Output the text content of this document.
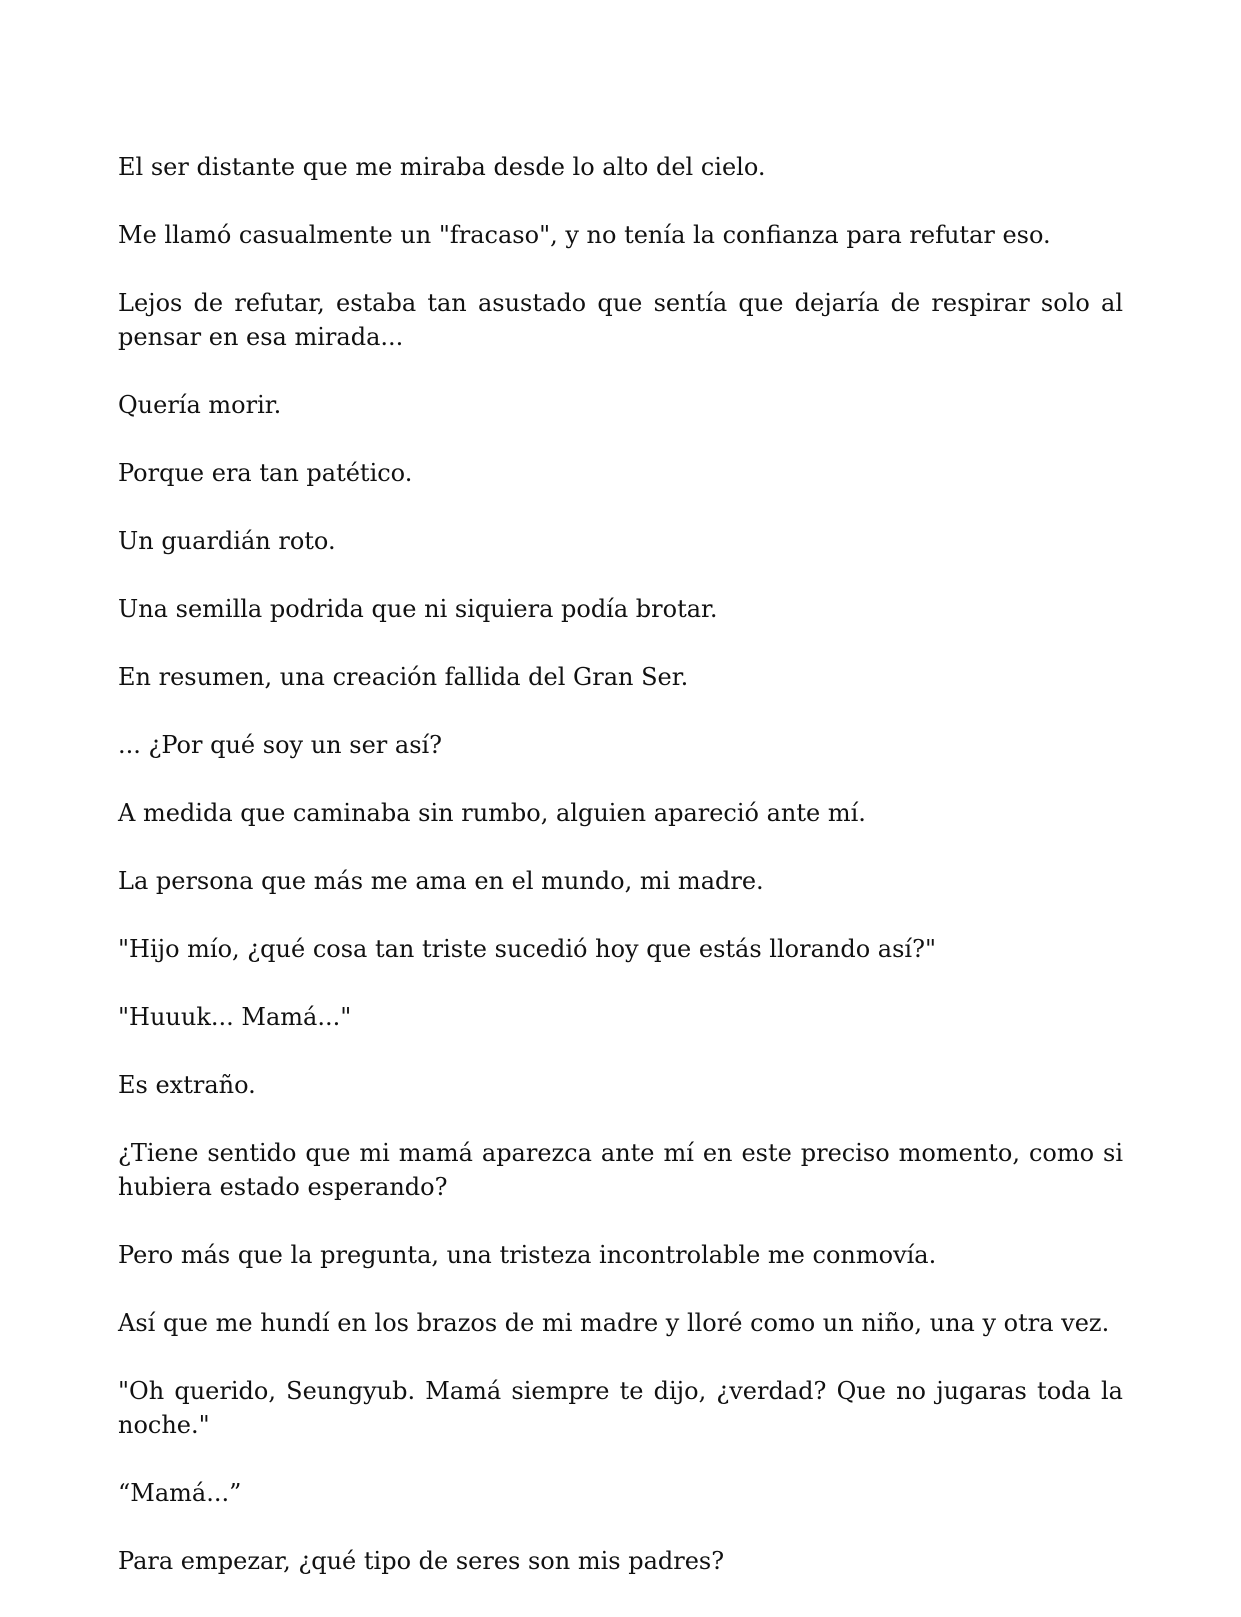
El ser distante que me miraba desde lo alto del cielo.

Me llamó casualmente un "fracaso", y no tenía la confianza para refutar eso.

Lejos de refutar, estaba tan asustado que sentía que dejaría de respirar solo al pensar en esa mirada...

Quería morir.

Porque era tan patético.

Un guardián roto.

Una semilla podrida que ni siquiera podía brotar.

En resumen, una creación fallida del Gran Ser.

... ¿Por qué soy un ser así?

A medida que caminaba sin rumbo, alguien apareció ante mí.

La persona que más me ama en el mundo, mi madre.

"Hijo mío, ¿qué cosa tan triste sucedió hoy que estás llorando así?"

"Huuuk... Mamá..."

Es extraño.

¿Tiene sentido que mi mamá aparezca ante mí en este preciso momento, como si hubiera estado esperando?

Pero más que la pregunta, una tristeza incontrolable me conmovía.

Así que me hundí en los brazos de mi madre y lloré como un niño, una y otra vez.

"Oh querido, Seungyub. Mamá siempre te dijo, ¿verdad? Que no jugaras toda la noche."

“Mamá...”

Para empezar, ¿qué tipo de seres son mis padres?
